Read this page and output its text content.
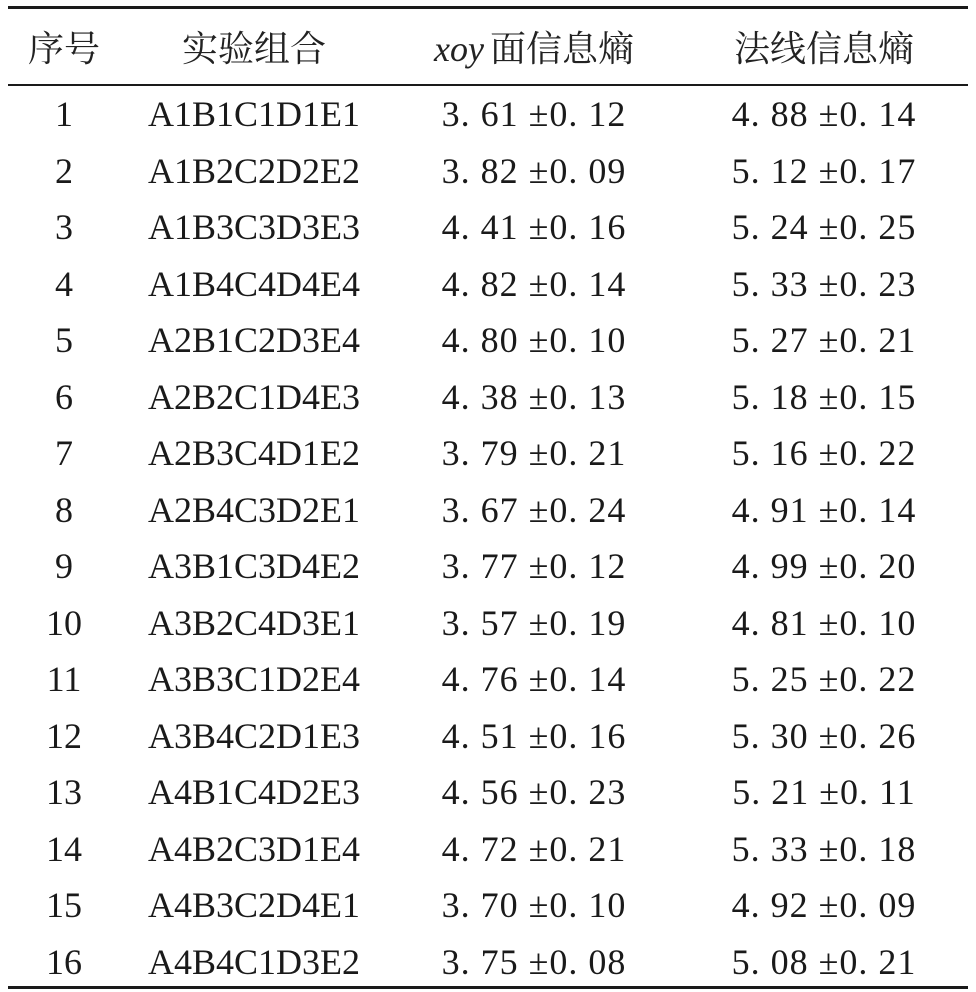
序号	实验组合	xoy 面信息熵	法线信息熵
1	A1B1C1D1E1	3. 61 ±0. 12	4. 88 ±0. 14
2	A1B2C2D2E2	3. 82 ±0. 09	5. 12 ±0. 17
3	A1B3C3D3E3	4. 41 ±0. 16	5. 24 ±0. 25
4	A1B4C4D4E4	4. 82 ±0. 14	5. 33 ±0. 23
5	A2B1C2D3E4	4. 80 ±0. 10	5. 27 ±0. 21
6	A2B2C1D4E3	4. 38 ±0. 13	5. 18 ±0. 15
7	A2B3C4D1E2	3. 79 ±0. 21	5. 16 ±0. 22
8	A2B4C3D2E1	3. 67 ±0. 24	4. 91 ±0. 14
9	A3B1C3D4E2	3. 77 ±0. 12	4. 99 ±0. 20
10	A3B2C4D3E1	3. 57 ±0. 19	4. 81 ±0. 10
11	A3B3C1D2E4	4. 76 ±0. 14	5. 25 ±0. 22
12	A3B4C2D1E3	4. 51 ±0. 16	5. 30 ±0. 26
13	A4B1C4D2E3	4. 56 ±0. 23	5. 21 ±0. 11
14	A4B2C3D1E4	4. 72 ±0. 21	5. 33 ±0. 18
15	A4B3C2D4E1	3. 70 ±0. 10	4. 92 ±0. 09
16	A4B4C1D3E2	3. 75 ±0. 08	5. 08 ±0. 21
